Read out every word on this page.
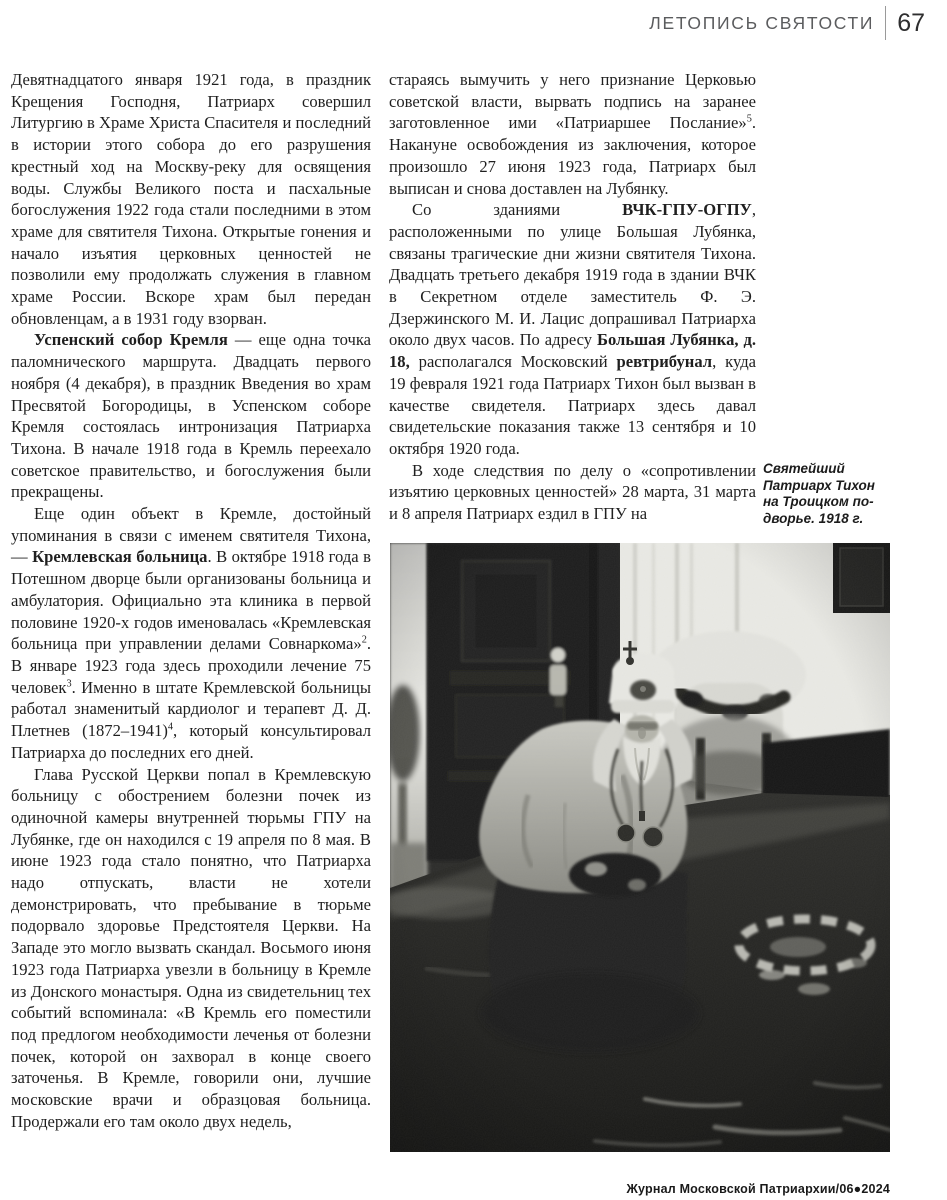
ЛЕТОПИСЬ СВЯТОСТИ 67

Девятнадцатого января 1921 года, в праздник Крещения Господня, Патриарх совершил Литургию в Храме Христа Спасителя и последний в истории этого собора до его разрушения крестный ход на Москву-реку для освящения воды. Службы Великого поста и пасхальные богослужения 1922 года стали последними в этом храме для святителя Тихона. Открытые гонения и начало изъятия церковных ценностей не позволили ему продолжать служения в главном храме России. Вскоре храм был передан обновленцам, а в 1931 году взорван.

Успенский собор Кремля — еще одна точка паломнического маршрута. Двадцать первого ноября (4 декабря), в праздник Введения во храм Пресвятой Богородицы, в Успенском соборе Кремля состоялась интронизация Патриарха Тихона. В начале 1918 года в Кремль переехало советское правительство, и богослужения были прекращены.

Еще один объект в Кремле, достойный упоминания в связи с именем святителя Тихона, — Кремлевская больница. В октябре 1918 года в Потешном дворце были организованы больница и амбулатория. Официально эта клиника в первой половине 1920-х годов именовалась «Кремлевская больница при управлении делами Совнаркома»$^2$. В январе 1923 года здесь проходили лечение 75 человек$^3$. Именно в штате Кремлевской больницы работал знаменитый кардиолог и терапевт Д. Д. Плетнев (1872–1941)$^4$, который консультировал Патриарха до последних его дней.

Глава Русской Церкви попал в Кремлевскую больницу с обострением болезни почек из одиночной камеры внутренней тюрьмы ГПУ на Лубянке, где он находился с 19 апреля по 8 мая. В июне 1923 года стало понятно, что Патриарха надо отпускать, власти не хотели демонстрировать, что пребывание в тюрьме подорвало здоровье Предстоятеля Церкви. На Западе это могло вызвать скандал. Восьмого июня 1923 года Патриарха увезли в больницу в Кремле из Донского монастыря. Одна из свидетельниц тех событий вспоминала: «В Кремль его поместили под предлогом необходимости леченья от болезни почек, которой он захворал в конце своего заточенья. В Кремле, говорили они, лучшие московские врачи и образцовая больница. Продержали его там около двух недель,

стараясь вымучить у него признание Церковью советской власти, вырвать подпись на заранее заготовленное ими «Патриаршее Послание»$^5$. Накануне освобождения из заключения, которое произошло 27 июня 1923 года, Патриарх был выписан и снова доставлен на Лубянку.

Со зданиями ВЧК-ГПУ-ОГПУ, расположенными по улице Большая Лубянка, связаны трагические дни жизни святителя Тихона. Двадцать третьего декабря 1919 года в здании ВЧК в Секретном отделе заместитель Ф. Э. Дзержинского М. И. Лацис допрашивал Патриарха около двух часов. По адресу Большая Лубянка, д. 18, располагался Московский ревтрибунал, куда 19 февраля 1921 года Патриарх Тихон был вызван в качестве свидетеля. Патриарх здесь давал свидетельские показания также 13 сентября и 10 октября 1920 года.

В ходе следствия по делу о «сопротивлении изъятию церковных ценностей» 28 марта, 31 марта и 8 апреля Патриарх ездил в ГПУ на

Святейший
Патриарх Тихон
на Троицком по-
дворье. 1918 г.
Журнал Московской Патриархии/06●2024
